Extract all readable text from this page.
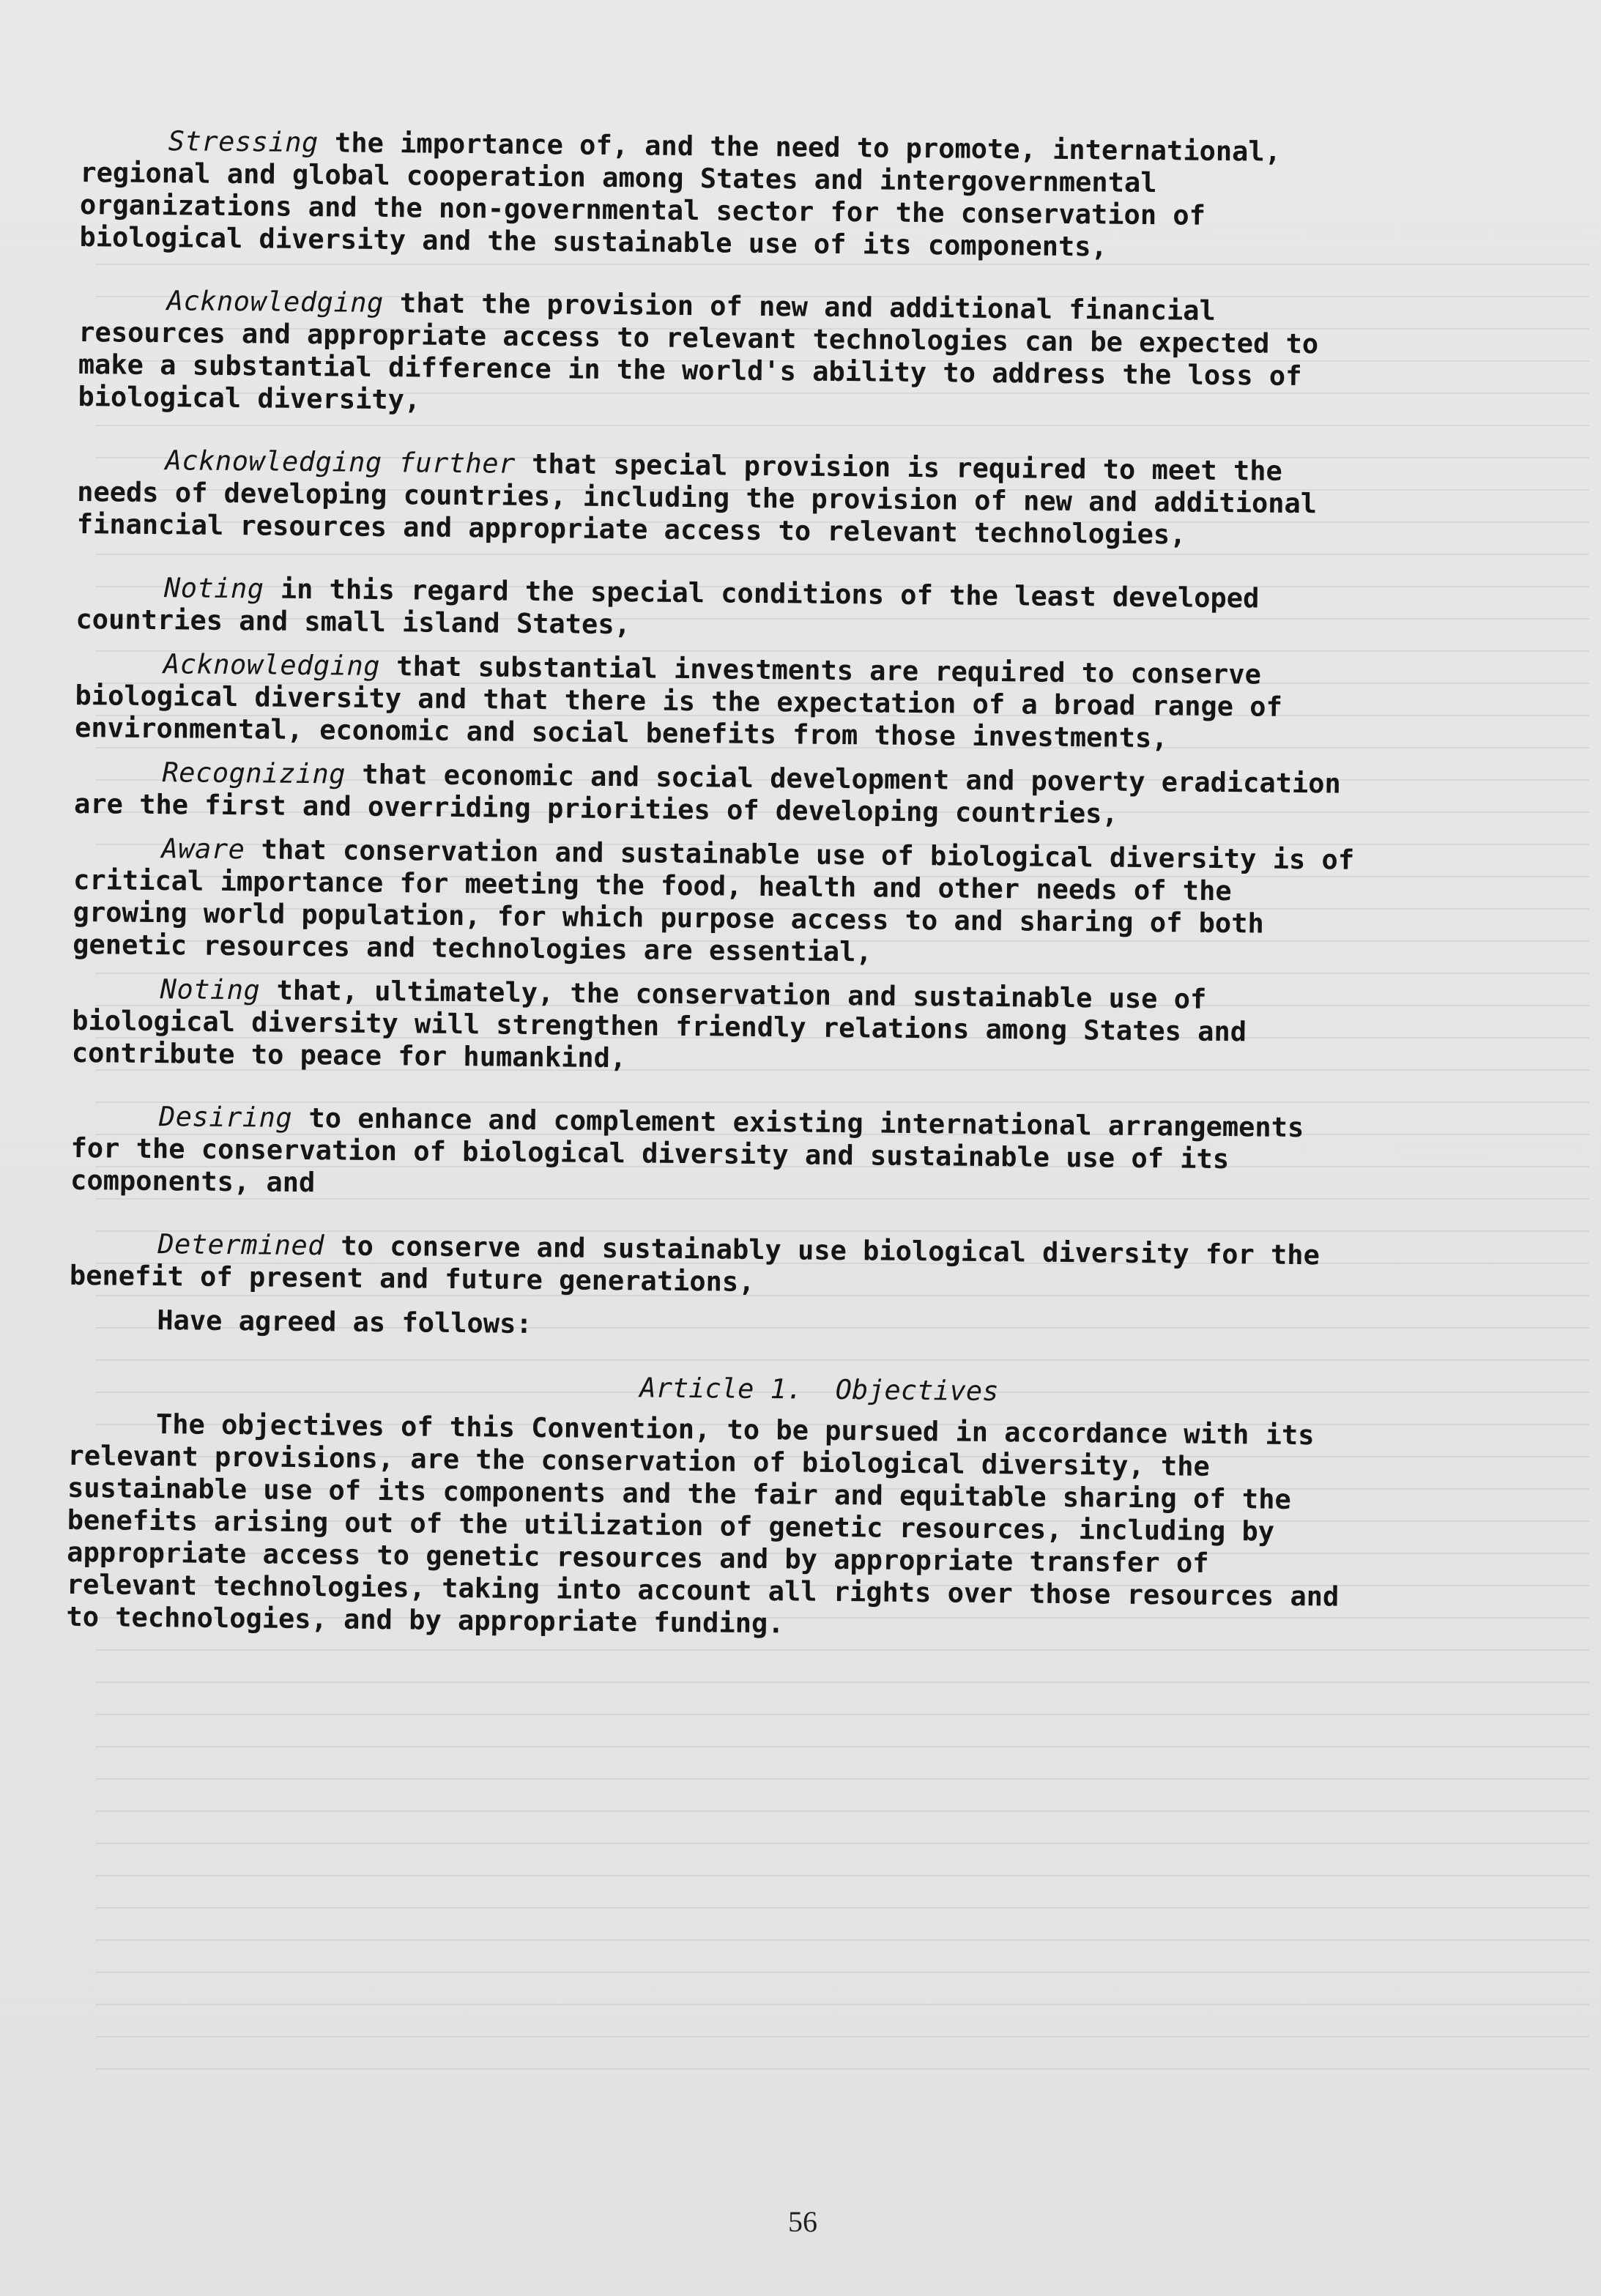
Stressing the importance of, and the need to promote, international,
regional and global cooperation among States and intergovernmental
organizations and the non-governmental sector for the conservation of
biological diversity and the sustainable use of its components,

Acknowledging that the provision of new and additional financial
resources and appropriate access to relevant technologies can be expected to
make a substantial difference in the world's ability to address the loss of
biological diversity,

Acknowledging further that special provision is required to meet the
needs of developing countries, including the provision of new and additional
financial resources and appropriate access to relevant technologies,

Noting in this regard the special conditions of the least developed
countries and small island States,

Acknowledging that substantial investments are required to conserve
biological diversity and that there is the expectation of a broad range of
environmental, economic and social benefits from those investments,

Recognizing that economic and social development and poverty eradication
are the first and overriding priorities of developing countries,

Aware that conservation and sustainable use of biological diversity is of
critical importance for meeting the food, health and other needs of the
growing world population, for which purpose access to and sharing of both
genetic resources and technologies are essential,

Noting that, ultimately, the conservation and sustainable use of
biological diversity will strengthen friendly relations among States and
contribute to peace for humankind,

Desiring to enhance and complement existing international arrangements
for the conservation of biological diversity and sustainable use of its
components, and

Determined to conserve and sustainably use biological diversity for the
benefit of present and future generations,

Have agreed as follows:

Article 1.  Objectives

The objectives of this Convention, to be pursued in accordance with its
relevant provisions, are the conservation of biological diversity, the
sustainable use of its components and the fair and equitable sharing of the
benefits arising out of the utilization of genetic resources, including by
appropriate access to genetic resources and by appropriate transfer of
relevant technologies, taking into account all rights over those resources and
to technologies, and by appropriate funding.

56
